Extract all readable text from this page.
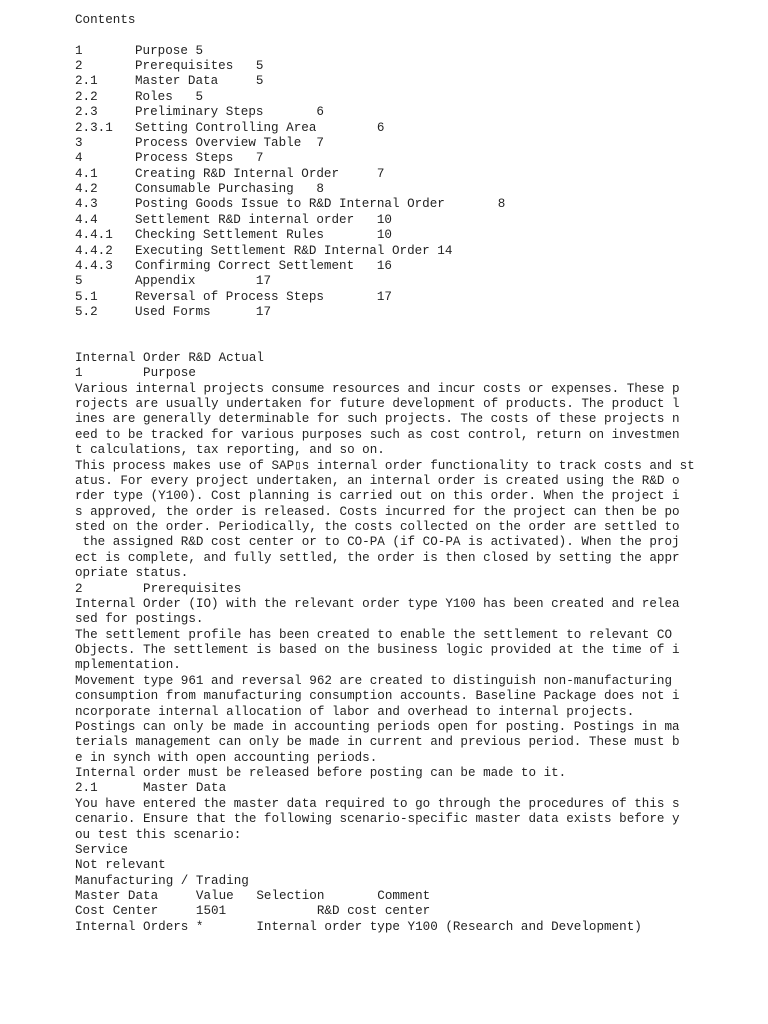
Contents
1	Purpose 5
2	Prerequisites   5
2.1	Master Data     5
2.2	Roles   5
2.3	Preliminary Steps       6
2.3.1 Setting Controlling Area        6
3	Process Overview Table  7
4	Process Steps   7
4.1	Creating R&D Internal Order     7
4.2	Consumable Purchasing   8
4.3	Posting Goods Issue to R&D Internal Order       8
4.4	Settlement R&D internal order   10
4.4.1 Checking Settlement Rules       10
4.4.2 Executing Settlement R&D Internal Order 14
4.4.3 Confirming Correct Settlement   16
5	Appendix        17
5.1	Reversal of Process Steps       17
5.2	Used Forms      17
Internal Order R&D Actual
1        Purpose
Various internal projects consume resources and incur costs or expenses. These p
rojects are usually undertaken for future development of products. The product l
ines are generally determinable for such projects. The costs of these projects n
eed to be tracked for various purposes such as cost control, return on investmen
t calculations, tax reporting, and so on.
This process makes use of SAP▯s internal order functionality to track costs and st
atus. For every project undertaken, an internal order is created using the R&D o
rder type (Y100). Cost planning is carried out on this order. When the project i
s approved, the order is released. Costs incurred for the project can then be po
sted on the order. Periodically, the costs collected on the order are settled to
the assigned R&D cost center or to CO-PA (if CO-PA is activated). When the proj
ect is complete, and fully settled, the order is then closed by setting the appr
opriate status.
2        Prerequisites
Internal Order (IO) with the relevant order type Y100 has been created and relea
sed for postings.
The settlement profile has been created to enable the settlement to relevant CO
Objects. The settlement is based on the business logic provided at the time of i
mplementation.
Movement type 961 and reversal 962 are created to distinguish non-manufacturing
consumption from manufacturing consumption accounts. Baseline Package does not i
ncorporate internal allocation of labor and overhead to internal projects.
Postings can only be made in accounting periods open for posting. Postings in ma
terials management can only be made in current and previous period. These must b
e in synch with open accounting periods.
Internal order must be released before posting can be made to it.
2.1      Master Data
You have entered the master data required to go through the procedures of this s
cenario. Ensure that the following scenario-specific master data exists before y
ou test this scenario:
Service
Not relevant
Manufacturing / Trading
Master Data     Value   Selection       Comment
Cost Center     1501            R&D cost center
Internal Orders *       Internal order type Y100 (Research and Development)
